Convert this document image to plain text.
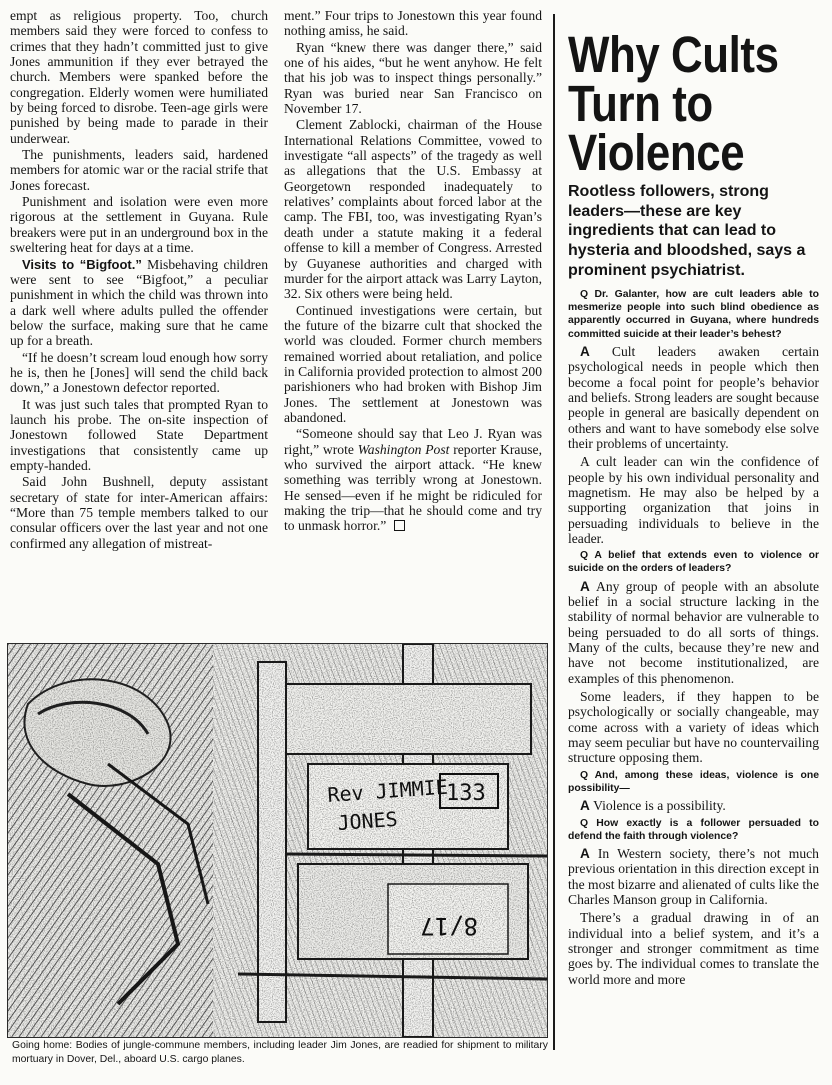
empt as religious property. Too, church members said they were forced to confess to crimes that they hadn’t committed just to give Jones ammunition if they ever betrayed the church. Members were spanked before the congregation. Elderly women were humiliated by being forced to disrobe. Teen-age girls were punished by being made to parade in their underwear.

The punishments, leaders said, hardened members for atomic war or the racial strife that Jones forecast.

Punishment and isolation were even more rigorous at the settlement in Guyana. Rule breakers were put in an underground box in the sweltering heat for days at a time.

Visits to “Bigfoot.” Misbehaving children were sent to see “Bigfoot,” a peculiar punishment in which the child was thrown into a dark well where adults pulled the offender below the surface, making sure that he came up for a breath.

“If he doesn’t scream loud enough how sorry he is, then he [Jones] will send the child back down,” a Jonestown defector reported.

It was just such tales that prompted Ryan to launch his probe. The on-site inspection of Jonestown followed State Department investigations that consistently came up empty-handed.

Said John Bushnell, deputy assistant secretary of state for inter-American affairs: “More than 75 temple members talked to our consular officers over the last year and not one confirmed any allegation of mistreat-

ment.” Four trips to Jonestown this year found nothing amiss, he said.

Ryan “knew there was danger there,” said one of his aides, “but he went anyhow. He felt that his job was to inspect things personally.” Ryan was buried near San Francisco on November 17.

Clement Zablocki, chairman of the House International Relations Committee, vowed to investigate “all aspects” of the tragedy as well as allegations that the U.S. Embassy at Georgetown responded inadequately to relatives’ complaints about forced labor at the camp. The FBI, too, was investigating Ryan’s death under a statute making it a federal offense to kill a member of Congress. Arrested by Guyanese authorities and charged with murder for the airport attack was Larry Layton, 32. Six others were being held.

Continued investigations were certain, but the future of the bizarre cult that shocked the world was clouded. Former church members remained worried about retaliation, and police in California provided protection to almost 200 parishioners who had broken with Bishop Jim Jones. The settlement at Jonestown was abandoned.

“Someone should say that Leo J. Ryan was right,” wrote Washington Post reporter Krause, who survived the airport attack. “He knew something was terribly wrong at Jonestown. He sensed—even if he might be ridiculed for making the trip—that he should come and try to unmask horror.”

Why Cults
Turn to
Violence

Rootless followers, strong leaders—these are key ingredients that can lead to hysteria and bloodshed, says a prominent psychiatrist.

Q Dr. Galanter, how are cult leaders able to mesmerize people into such blind obedience as apparently occurred in Guyana, where hundreds committed suicide at their leader’s behest?

A Cult leaders awaken certain psychological needs in people which then become a focal point for people’s behavior and beliefs. Strong leaders are sought because people in general are basically dependent on others and want to have somebody else solve their problems of uncertainty.

A cult leader can win the confidence of people by his own individual personality and magnetism. He may also be helped by a supporting organization that joins in persuading individuals to believe in the leader.

Q A belief that extends even to violence or suicide on the orders of leaders?

A Any group of people with an absolute belief in a social structure lacking in the stability of normal behavior are vulnerable to being persuaded to do all sorts of things. Many of the cults, because they’re new and have not become institutionalized, are examples of this phenomenon.

Some leaders, if they happen to be psychologically or socially changeable, may come across with a variety of ideas which may seem peculiar but have no countervailing structure opposing them.

Q And, among these ideas, violence is one possibility—

A Violence is a possibility.

Q How exactly is a follower persuaded to defend the faith through violence?

A In Western society, there’s not much previous orientation in this direction except in the most bizarre and alienated of cults like the Charles Manson group in California.

There’s a gradual drawing in of an individual into a belief system, and it’s a stronger and stronger commitment as time goes by. The individual comes to translate the world more and more

Rev JIMMIE
JONES
133
8/17

Going home: Bodies of jungle-commune members, including leader Jim Jones, are readied for shipment to military mortuary in Dover, Del., aboard U.S. cargo planes.
